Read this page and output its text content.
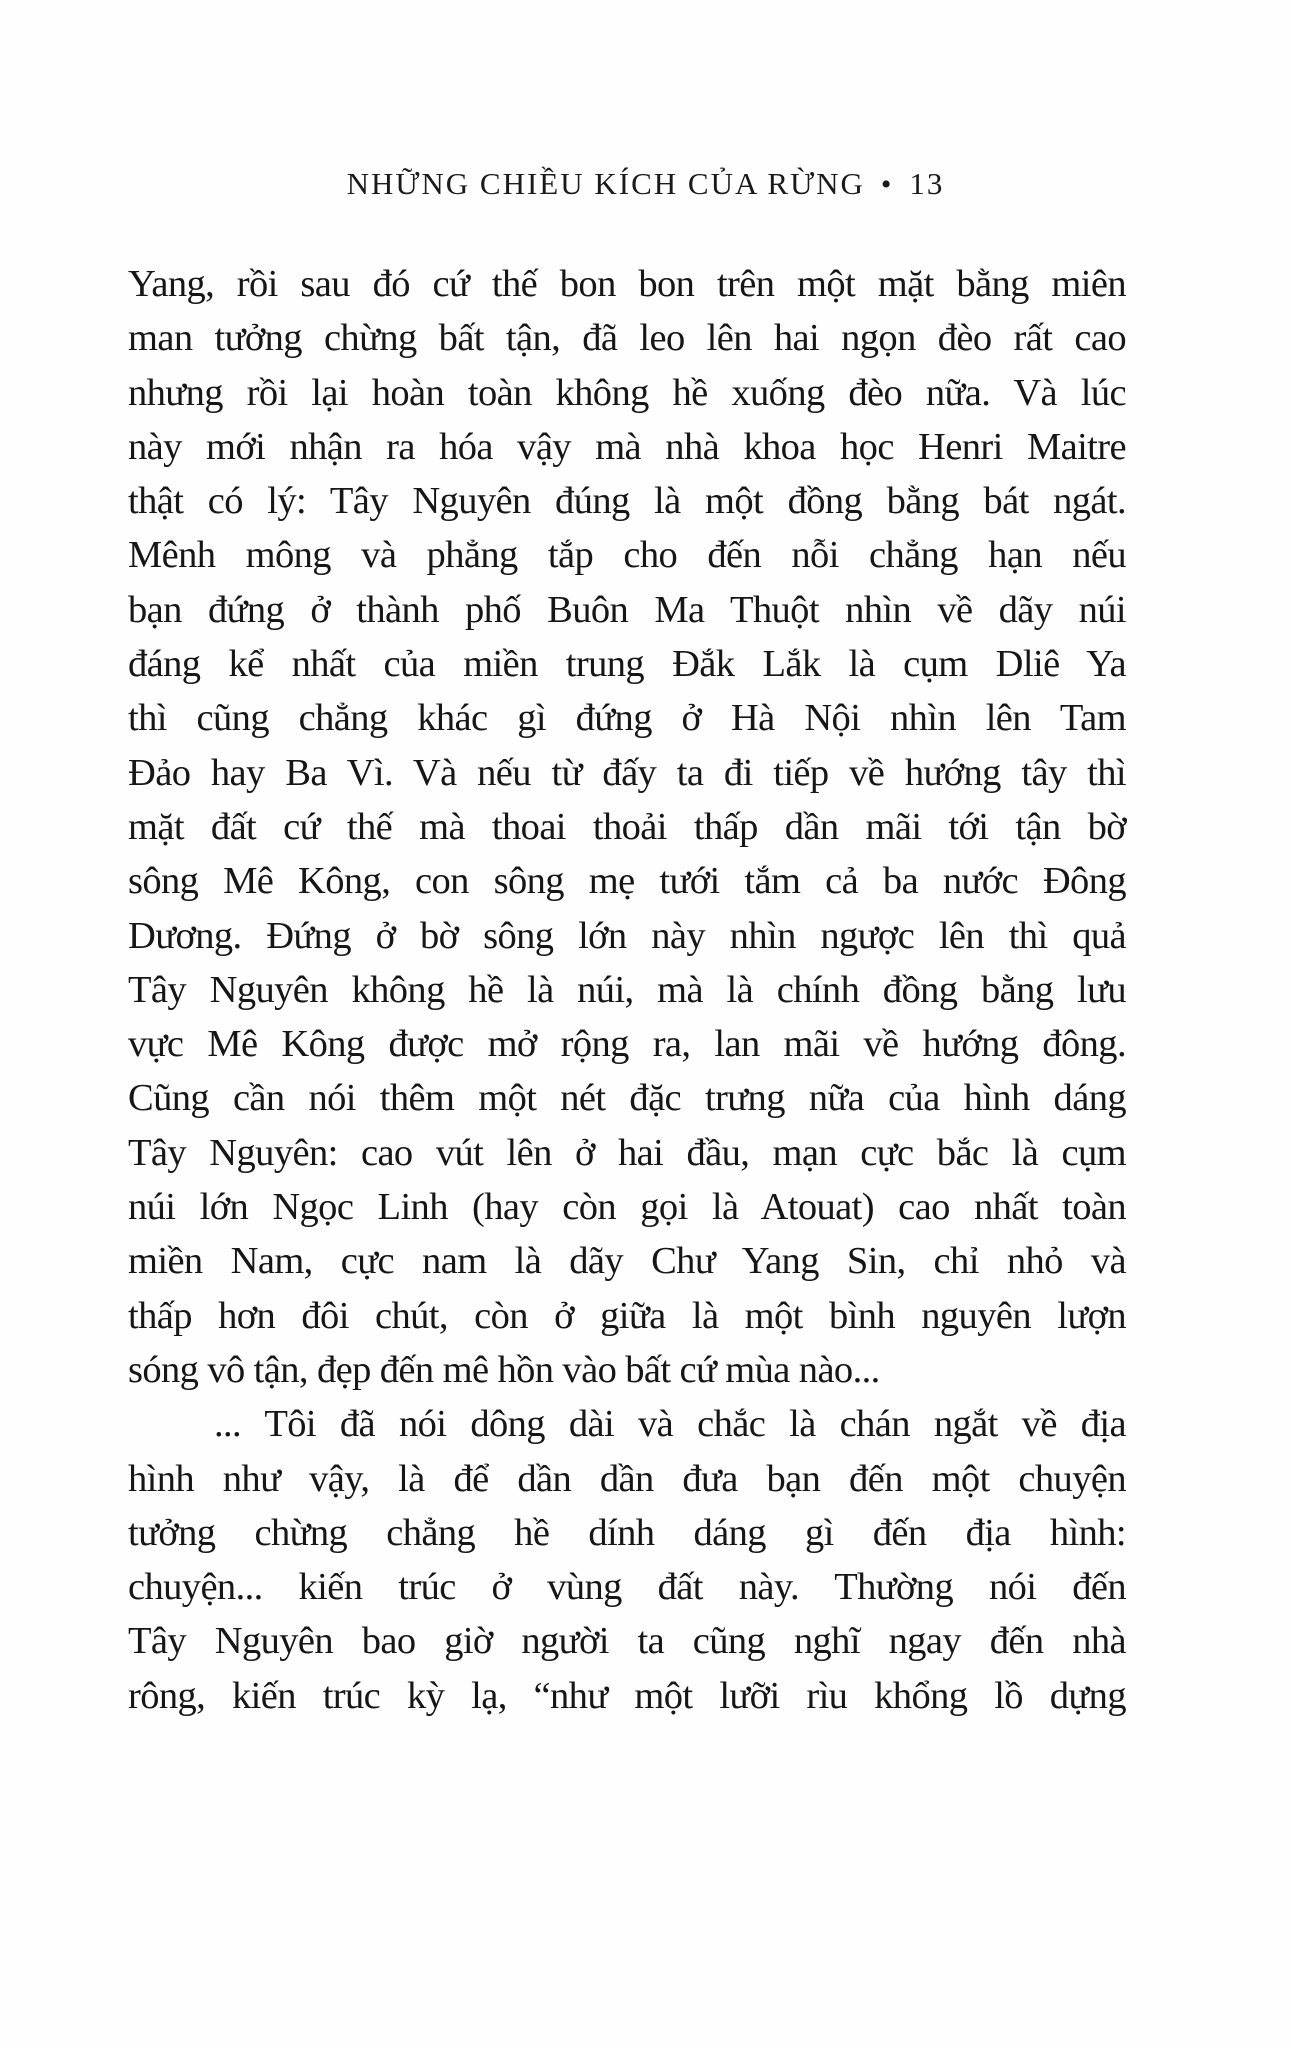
NHỮNG CHIỀU KÍCH CỦA RỪNG • 13
Yang, rồi sau đó cứ thế bon bon trên một mặt bằng miên
man tưởng chừng bất tận, đã leo lên hai ngọn đèo rất cao
nhưng rồi lại hoàn toàn không hề xuống đèo nữa. Và lúc
này mới nhận ra hóa vậy mà nhà khoa học Henri Maitre
thật có lý: Tây Nguyên đúng là một đồng bằng bát ngát.
Mênh mông và phẳng tắp cho đến nỗi chẳng hạn nếu
bạn đứng ở thành phố Buôn Ma Thuột nhìn về dãy núi
đáng kể nhất của miền trung Đắk Lắk là cụm Dliê Ya
thì cũng chẳng khác gì đứng ở Hà Nội nhìn lên Tam
Đảo hay Ba Vì. Và nếu từ đấy ta đi tiếp về hướng tây thì
mặt đất cứ thế mà thoai thoải thấp dần mãi tới tận bờ
sông Mê Kông, con sông mẹ tưới tắm cả ba nước Đông
Dương. Đứng ở bờ sông lớn này nhìn ngược lên thì quả
Tây Nguyên không hề là núi, mà là chính đồng bằng lưu
vực Mê Kông được mở rộng ra, lan mãi về hướng đông.
Cũng cần nói thêm một nét đặc trưng nữa của hình dáng
Tây Nguyên: cao vút lên ở hai đầu, mạn cực bắc là cụm
núi lớn Ngọc Linh (hay còn gọi là Atouat) cao nhất toàn
miền Nam, cực nam là dãy Chư Yang Sin, chỉ nhỏ và
thấp hơn đôi chút, còn ở giữa là một bình nguyên lượn
sóng vô tận, đẹp đến mê hồn vào bất cứ mùa nào...
... Tôi đã nói dông dài và chắc là chán ngắt về địa
hình như vậy, là để dần dần đưa bạn đến một chuyện
tưởng chừng chẳng hề dính dáng gì đến địa hình:
chuyện... kiến trúc ở vùng đất này. Thường nói đến
Tây Nguyên bao giờ người ta cũng nghĩ ngay đến nhà
rông, kiến trúc kỳ lạ, “như một lưỡi rìu khổng lồ dựng
